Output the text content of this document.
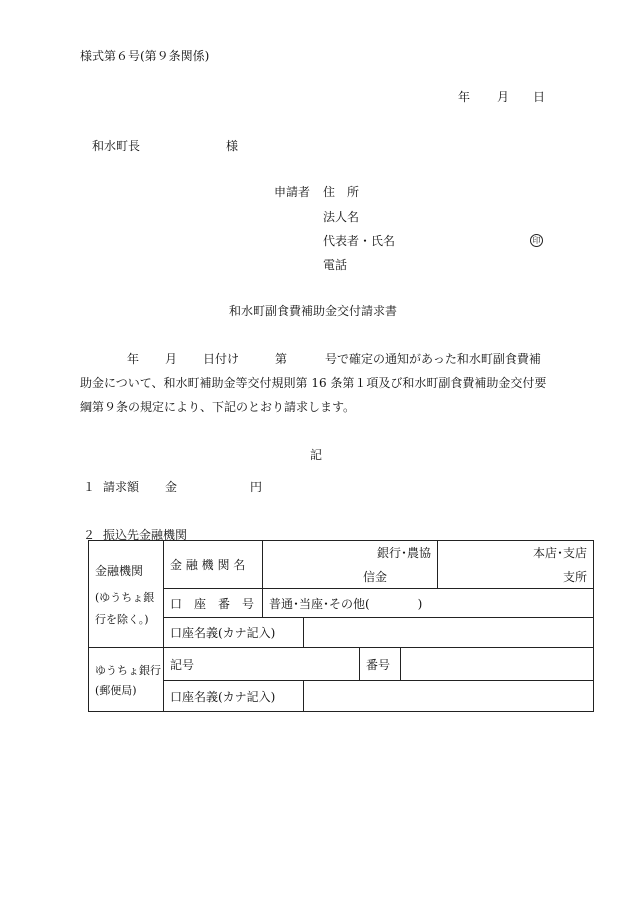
様式第６号(第９条関係)
年 月 日
和水町長	様
申請者 住　所
法人名
代表者・氏名	印
電話
和水町副食費補助金交付請求書
年 月 日付け	第	号で確定の通知があった和水町副食費補
助金について、和水町補助金等交付規則第 16 条第１項及び和水町副食費補助金交付要
綱第９条の規定により、下記のとおり請求します。
記
１ 請求額 金	円
２ 振込先金融機関
金融機関
(ゆうちょ銀
行を除く。)	金 融 機 関 名	銀行･農協				本店･支店
		信金				支所
	口　座　番　号	普通･当座･その他(　　　　)				
	口座名義(カナ記入)					

ゆうちょ銀行
(郵便局)	記号			番号		
	口座名義(カナ記入)					
